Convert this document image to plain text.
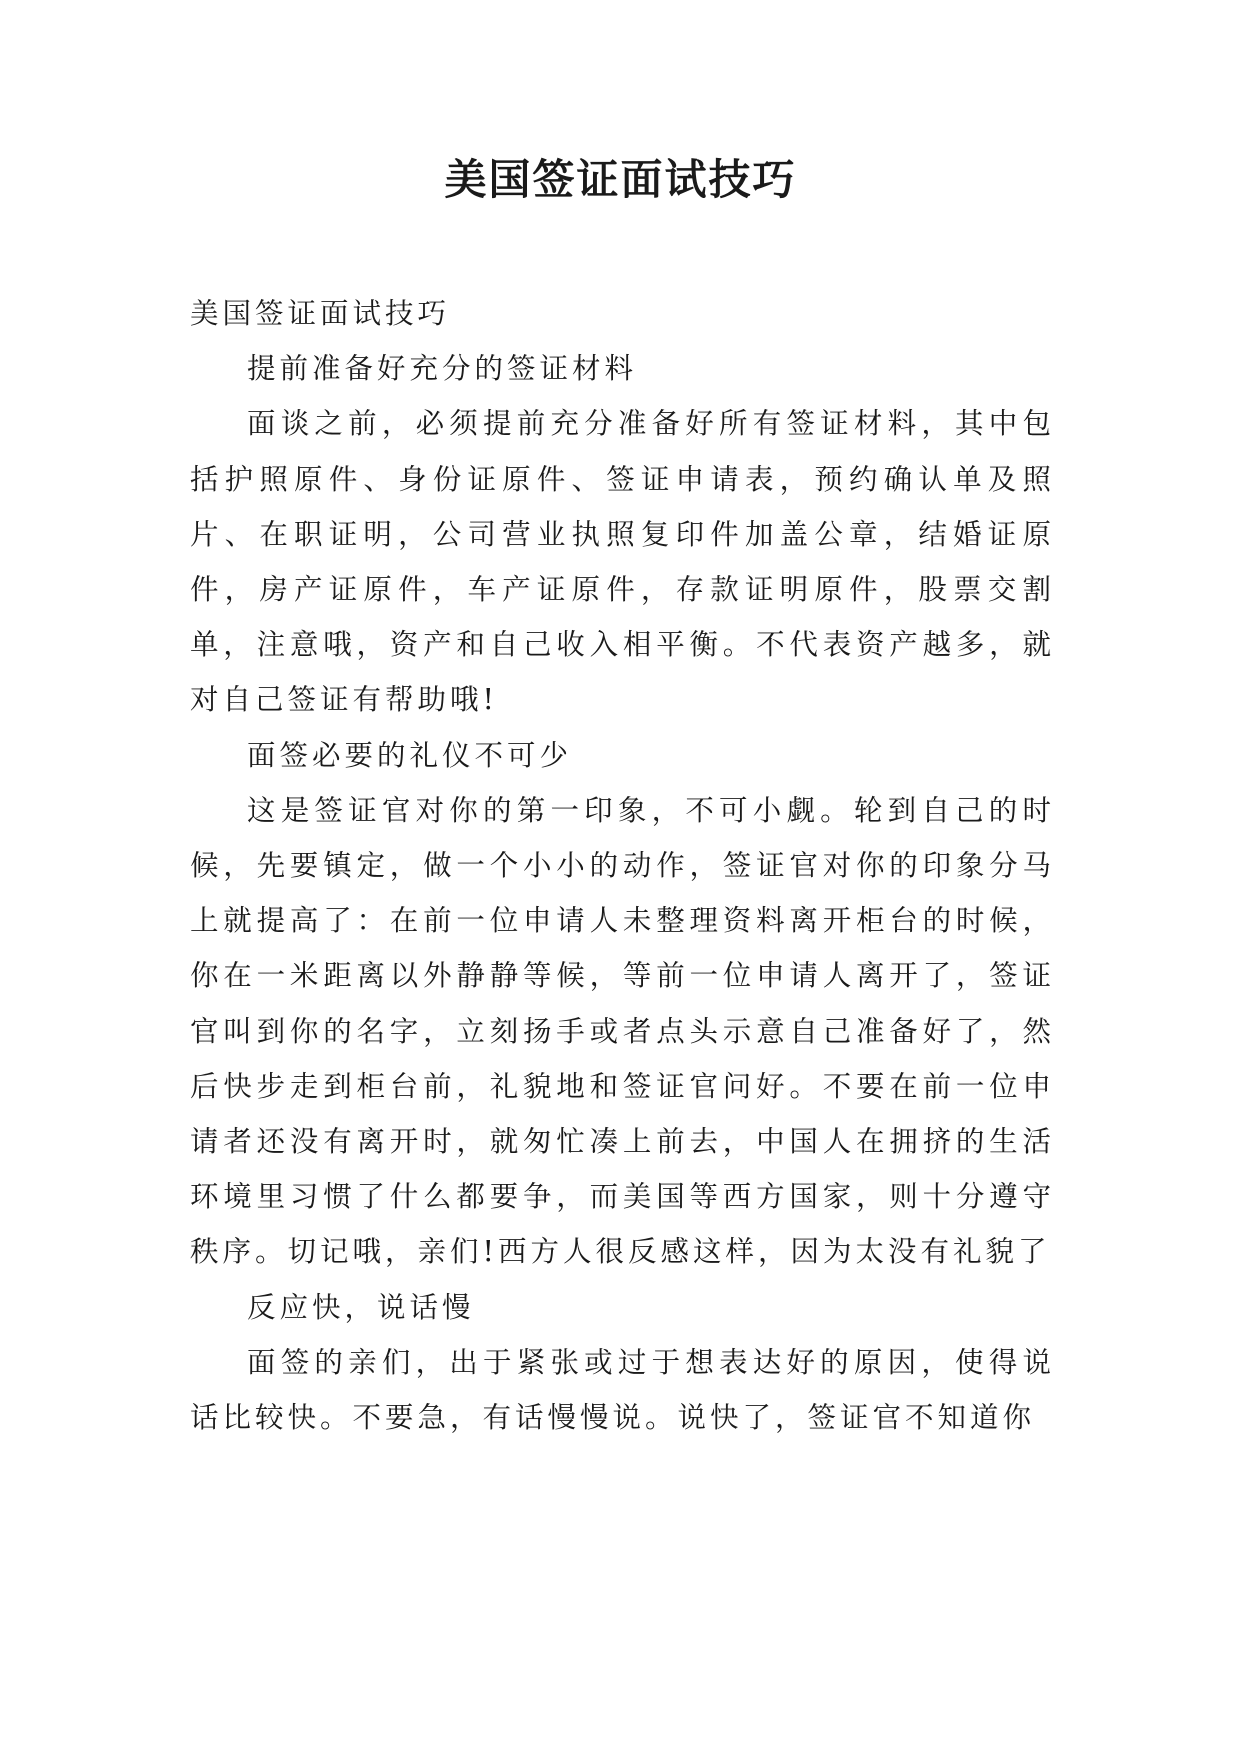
美国签证面试技巧

美国签证面试技巧

提前准备好充分的签证材料

面谈之前，必须提前充分准备好所有签证材料，其中包括护照原件、身份证原件、签证申请表，预约确认单及照片、在职证明，公司营业执照复印件加盖公章，结婚证原件，房产证原件，车产证原件，存款证明原件，股票交割单，注意哦，资产和自己收入相平衡。不代表资产越多，就对自己签证有帮助哦!

面签必要的礼仪不可少

这是签证官对你的第一印象，不可小觑。轮到自己的时候，先要镇定，做一个小小的动作，签证官对你的印象分马上就提高了：在前一位申请人未整理资料离开柜台的时候，你在一米距离以外静静等候，等前一位申请人离开了，签证官叫到你的名字，立刻扬手或者点头示意自己准备好了，然后快步走到柜台前，礼貌地和签证官问好。不要在前一位申请者还没有离开时，就匆忙凑上前去，中国人在拥挤的生活环境里习惯了什么都要争，而美国等西方国家，则十分遵守秩序。切记哦，亲们!西方人很反感这样，因为太没有礼貌了

反应快，说话慢

面签的亲们，出于紧张或过于想表达好的原因，使得说话比较快。不要急，有话慢慢说。说快了，签证官不知道你
